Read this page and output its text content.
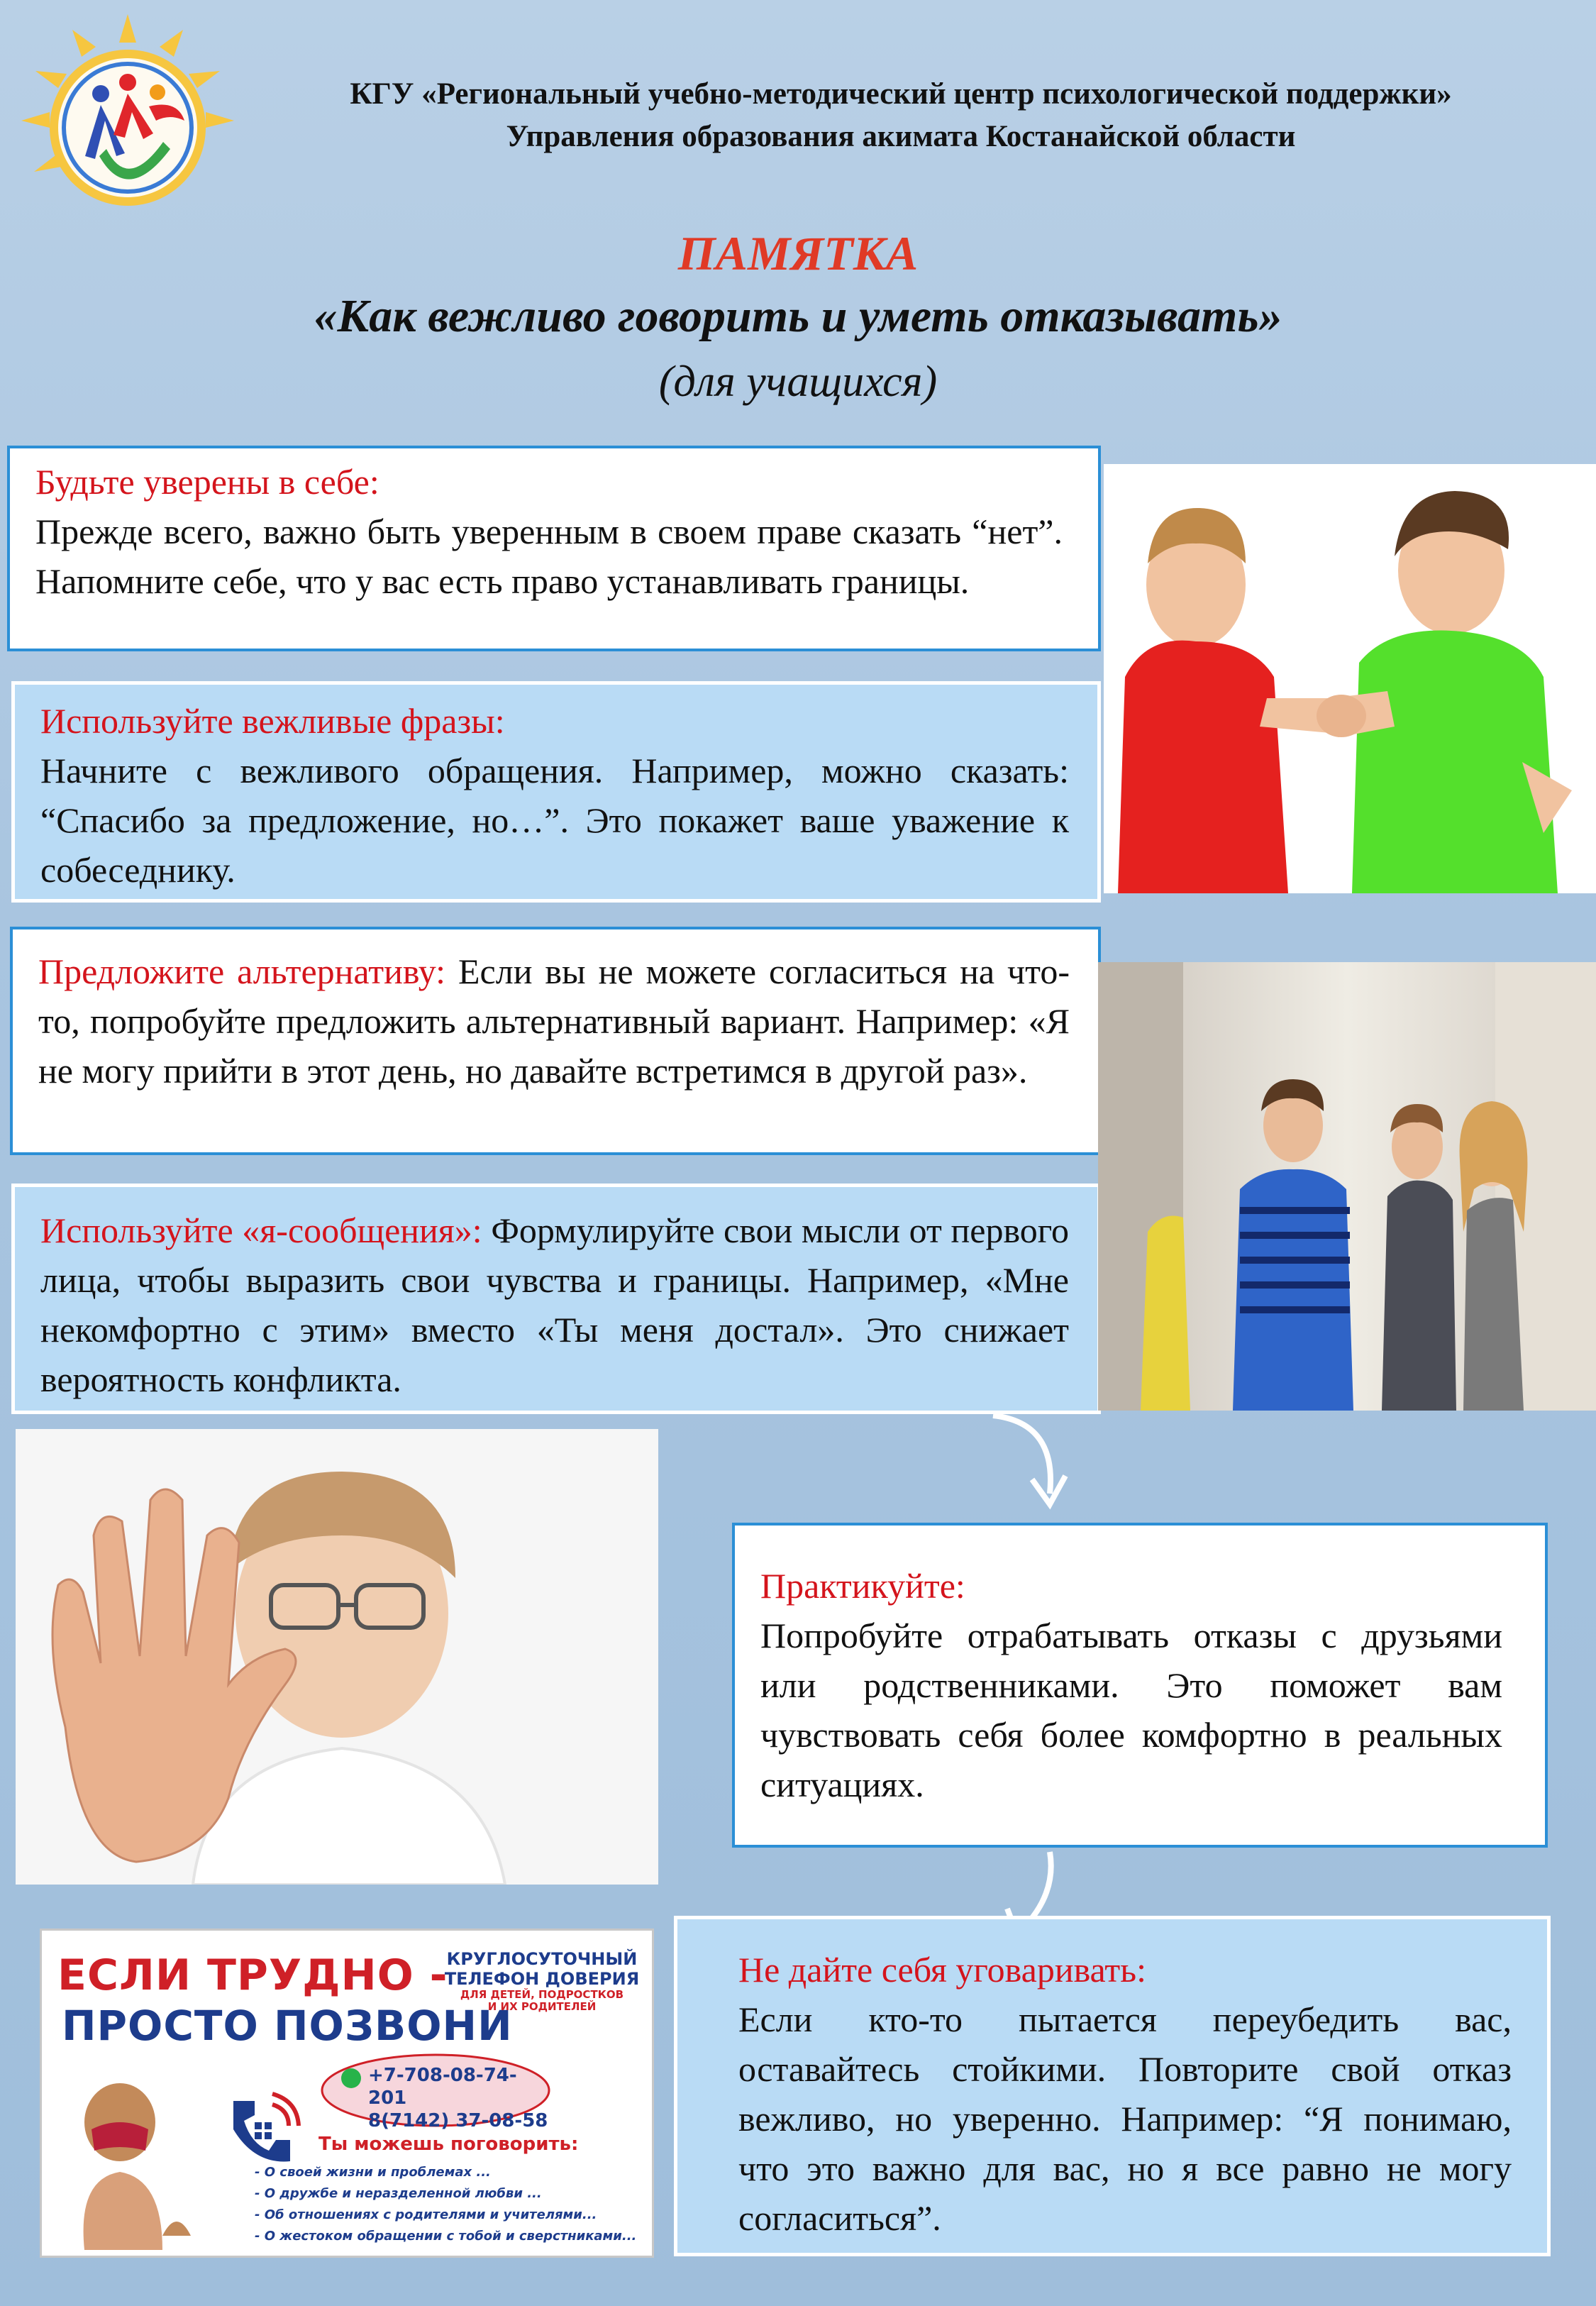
КГУ «Региональный учебно-методический центр психологической поддержки»
Управления образования акимата Костанайской области
ПАМЯТКА
«Как вежливо говорить и уметь отказывать»
(для учащихся)

Будьте уверены в себе:

Прежде всего, важно быть уверенным в своем праве сказать “нет”. Напомните себе, что у вас есть право устанавливать границы.

Используйте вежливые фразы:

Начните с вежливого обращения. Например, можно сказать: “Спасибо за предложение, но…”. Это покажет ваше уважение к собеседнику.

Предложите альтернативу: Если вы не можете согласиться на что-то, попробуйте предложить альтернативный вариант. Например: «Я не могу прийти в этот день, но давайте встретимся в другой раз».

Используйте «я-сообщения»: Формулируйте свои мысли от первого лица, чтобы выразить свои чувства и границы. Например, «Мне некомфортно с этим» вместо «Ты меня достал». Это снижает вероятность конфликта.

Практикуйте:

Попробуйте отрабатывать отказы с друзьями или родственниками. Это поможет вам чувствовать себя более комфортно в реальных ситуациях.

Не дайте себя уговаривать:

Если кто-то пытается переубедить вас, оставайтесь стойкими. Повторите свой отказ вежливо, но уверенно. Например: “Я понимаю, что это важно для вас, но я все равно не могу согласиться”.

ЕСЛИ ТРУДНО -
ПРОСТО ПОЗВОНИ
КРУГЛОСУТОЧНЫЙ
ТЕЛЕФОН ДОВЕРИЯ
ДЛЯ ДЕТЕЙ, ПОДРОСТКОВ
И ИХ РОДИТЕЛЕЙ
+7-708-08-74-201
8(7142) 37-08-58
Ты можешь поговорить:
- О своей жизни и проблемах ...
- О дружбе и неразделенной любви ...
- Об отношениях с родителями и учителями...
- О жестоком обращении с тобой и сверстниками...
